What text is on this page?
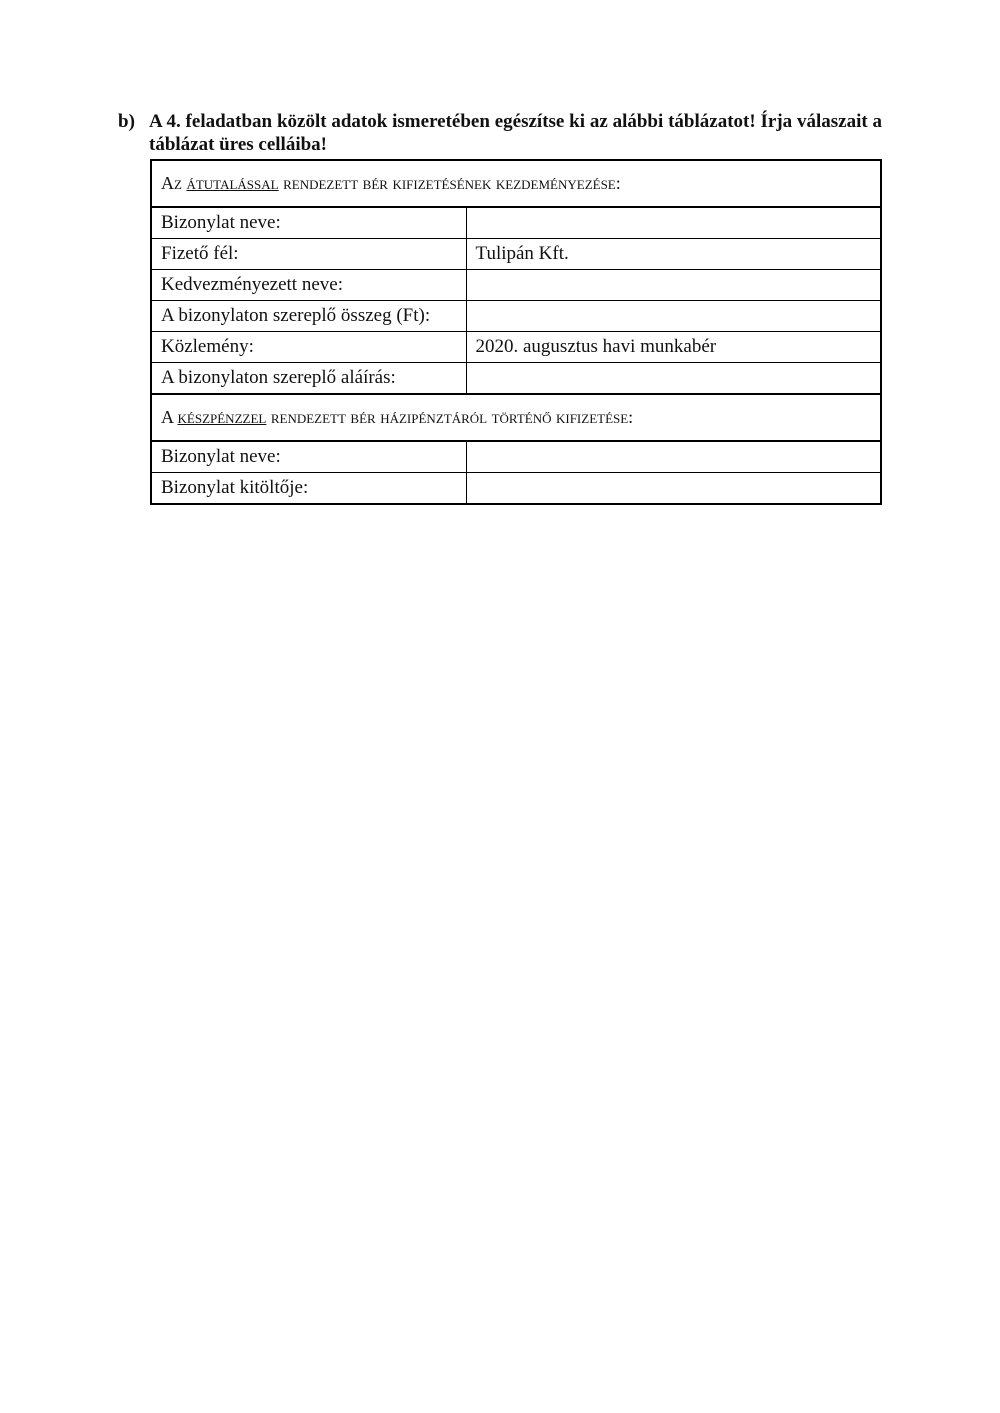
b) A 4. feladatban közölt adatok ismeretében egészítse ki az alábbi táblázatot! Írja válaszait a táblázat üres celláiba!
Az átutalással rendezett bér kifizetésének kezdeményezése:	
Bizonylat neve:	
Fizető fél:	Tulipán Kft.
Kedvezményezett neve:	
A bizonylaton szereplő összeg (Ft):	
Közlemény:	2020. augusztus havi munkabér
A bizonylaton szereplő aláírás:	
A készpénzzel rendezett bér házipénztáról történő kifizetése:	
Bizonylat neve:	
Bizonylat kitöltője:	
